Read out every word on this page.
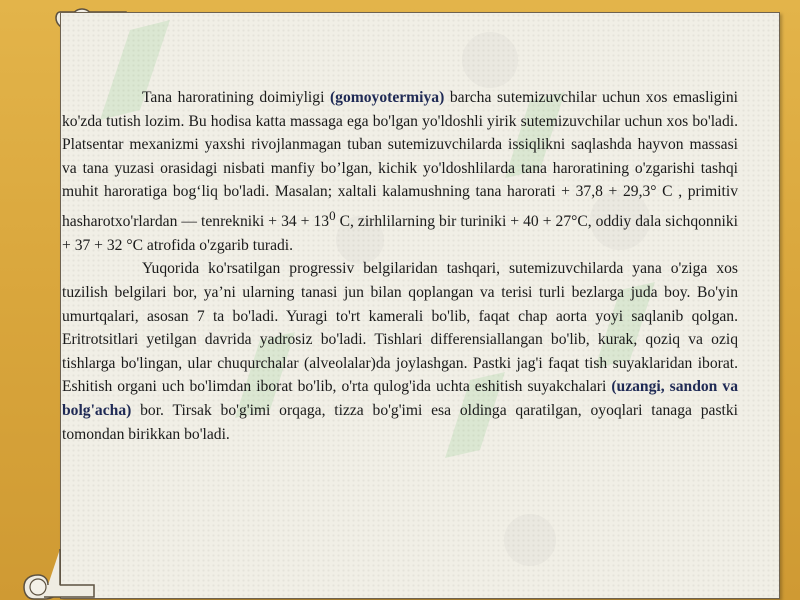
Tana haroratining doimiyligi (gomoyotermiya) barcha sutemizuvchilar uchun xos emasligini ko'zda tutish lozim. Bu hodisa katta massaga ega bo'lgan yo'ldoshli yirik sutemizuvchilar uchun xos bo'ladi. Platsentar mexanizmi yaxshi rivojlanmagan tuban sutemizuvchilarda issiqlikni saqlashda hayvon massasi va tana yuzasi orasidagi nisbati manfiy bo’lgan, kichik yo'ldoshlilarda tana haroratining o'zgarishi tashqi muhit haroratiga bog‘liq bo'ladi. Masalan; xaltali kalamushning tana harorati + 37,8 + 29,3° C , primitiv hasharotxo'rlardan — tenrekniki + $34 + 13^0$ C, zirhlilarning bir turiniki + 40 + 27°C, oddiy dala sichqonniki + 37 + 32 °C atrofida o'zgarib turadi.

Yuqorida ko'rsatilgan progressiv belgilaridan tashqari, sutemizuvchilarda yana o'ziga xos tuzilish belgilari bor, ya’ni ularning tanasi jun bilan qoplangan va terisi turli bezlarga juda boy. Bo'yin umurtqalari, asosan 7 ta bo'ladi. Yuragi to'rt kamerali bo'lib, faqat chap aorta yoyi saqlanib qolgan. Eritrotsitlari yetilgan davrida yadrosiz bo'ladi. Tishlari differensiallangan bo'lib, kurak, qoziq va oziq tishlarga bo'lingan, ular chuqurchalar (alveolalar)da joylashgan. Pastki jag'i faqat tish suyaklaridan iborat. Eshitish organi uch bo'limdan iborat bo'lib, o'rta qulog'ida uchta eshitish suyakchalari (uzangi, sandon va bolg'acha) bor. Tirsak bo'g'imi orqaga, tizza bo'g'imi esa oldinga qaratilgan, oyoqlari tanaga pastki tomondan birikkan bo'ladi.
